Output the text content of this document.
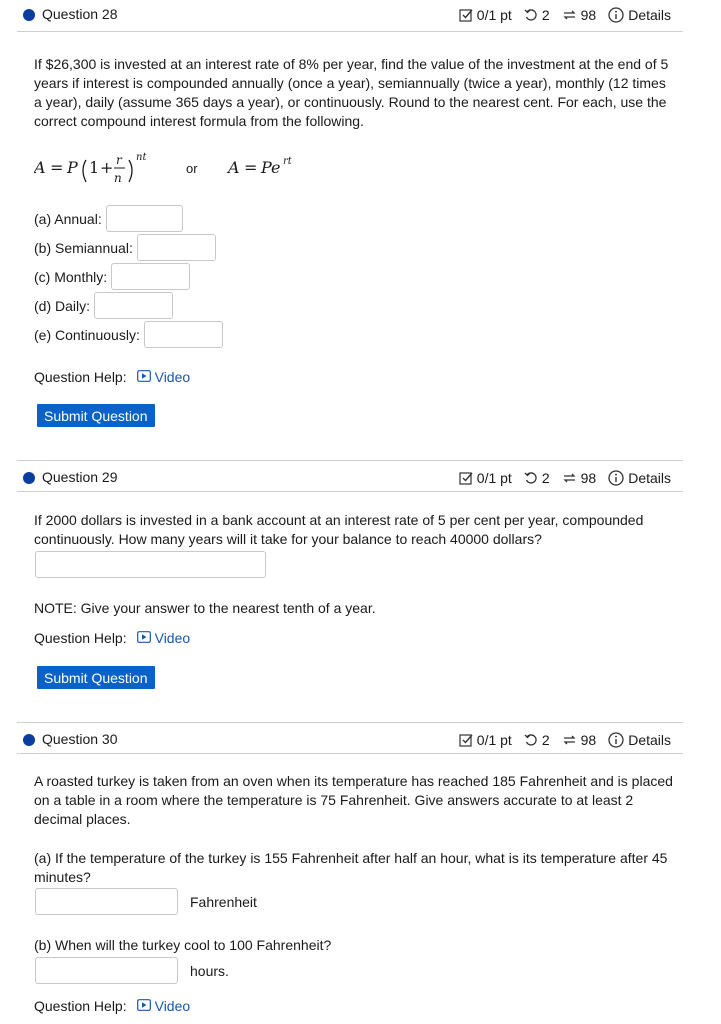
Question 28	0/1 pt 2 98 Details
If $26,300 is invested at an interest rate of 8% per year, find the value of the investment at the end of 5 years if interest is compounded annually (once a year), semiannually (twice a year), monthly (12 times a year), daily (assume 365 days a year), or continuously. Round to the nearest cent. For each, use the correct compound interest formula from the following.
A = P 1 + r
n
nt
or A = Pe rt
(a) Annual:
(b) Semiannual:
(c) Monthly:
(d) Daily:
(e) Continuously:
Question Help: Video
Submit Question
Question 29	0/1 pt 2 98 Details
If 2000 dollars is invested in a bank account at an interest rate of 5 per cent per year, compounded continuously. How many years will it take for your balance to reach 40000 dollars?
NOTE: Give your answer to the nearest tenth of a year.
Question Help: Video
Submit Question
Question 30	0/1 pt 2 98 Details
A roasted turkey is taken from an oven when its temperature has reached 185 Fahrenheit and is placed on a table in a room where the temperature is 75 Fahrenheit. Give answers accurate to at least 2 decimal places.
(a) If the temperature of the turkey is 155 Fahrenheit after half an hour, what is its temperature after 45 minutes?
Fahrenheit
(b) When will the turkey cool to 100 Fahrenheit?
hours.
Question Help: Video
